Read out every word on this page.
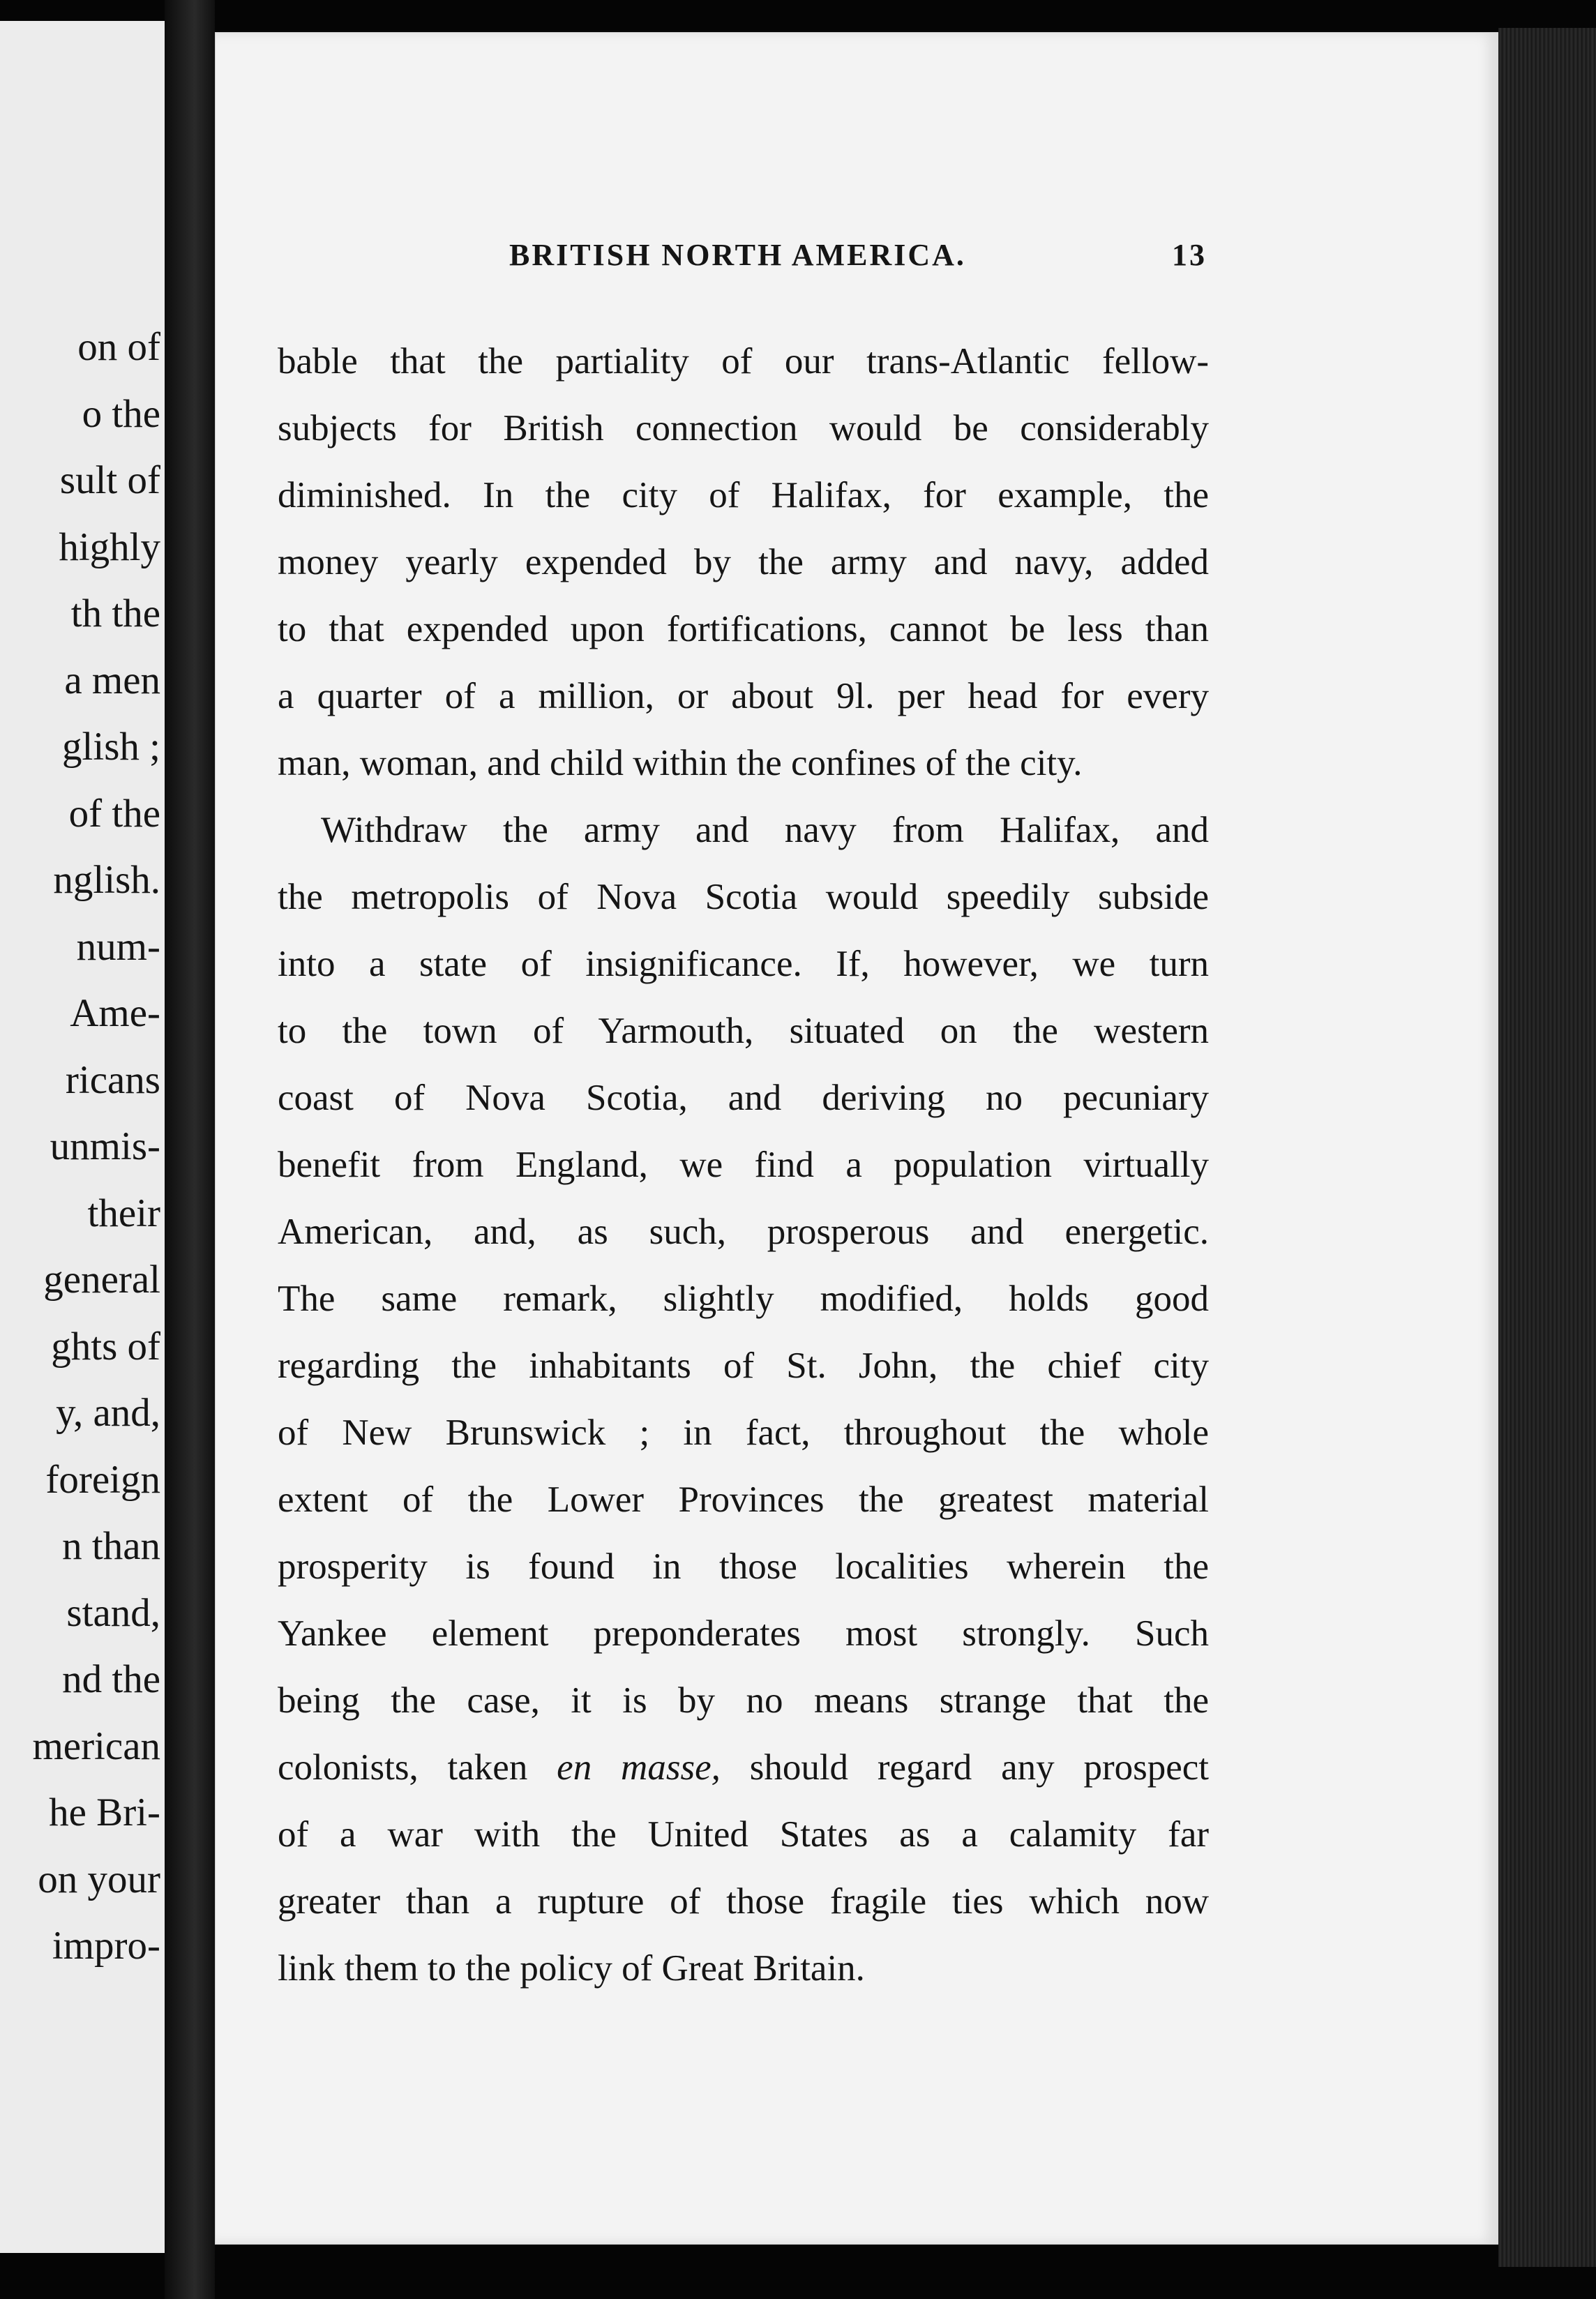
on of
o the
sult of
highly
th the
a men
glish ;
of the
nglish.
num-
Ame-
ricans
unmis-
their
general
ghts of
y, and,
foreign
n than
stand,
nd the
merican
he Bri-
on your
impro-
BRITISH NORTH AMERICA.	13

bable that the partiality of our trans-Atlantic fellow-
subjects for British connection would be considerably
diminished. In the city of Halifax, for example, the
money yearly expended by the army and navy, added
to that expended upon fortifications, cannot be less than
a quarter of a million, or about 9l. per head for every
man, woman, and child within the confines of the city.

Withdraw the army and navy from Halifax, and
the metropolis of Nova Scotia would speedily subside
into a state of insignificance. If, however, we turn
to the town of Yarmouth, situated on the western
coast of Nova Scotia, and deriving no pecuniary
benefit from England, we find a population virtually
American, and, as such, prosperous and energetic.
The same remark, slightly modified, holds good
regarding the inhabitants of St. John, the chief city
of New Brunswick ; in fact, throughout the whole
extent of the Lower Provinces the greatest material
prosperity is found in those localities wherein the
Yankee element preponderates most strongly. Such
being the case, it is by no means strange that the
colonists, taken en masse, should regard any prospect
of a war with the United States as a calamity far
greater than a rupture of those fragile ties which now
link them to the policy of Great Britain.
